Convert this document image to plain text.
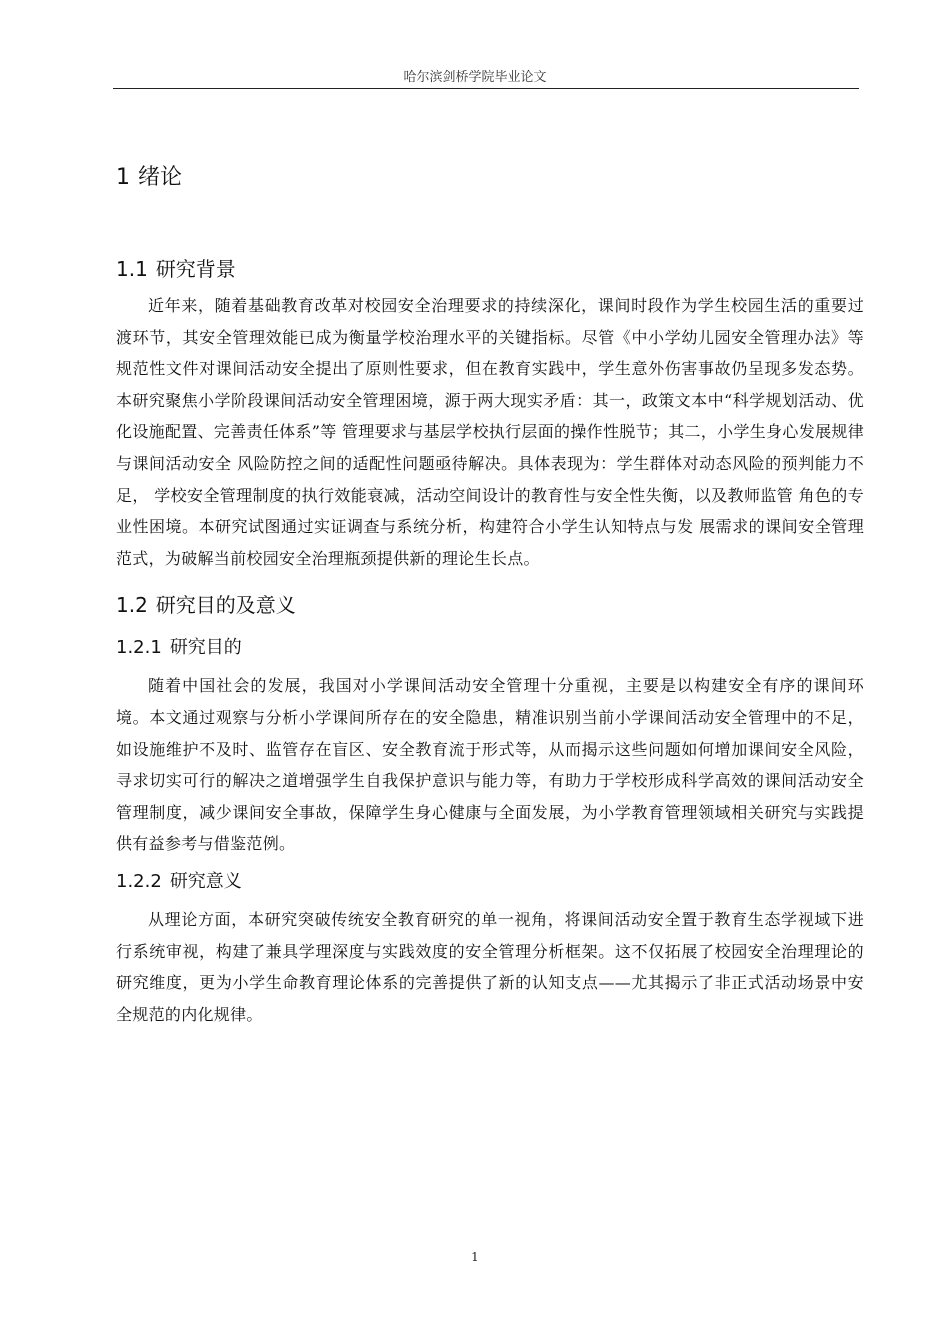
哈尔滨剑桥学院毕业论文
1 绪论
1.1 研究背景

近年来，随着基础教育改革对校园安全治理要求的持续深化，课间时段作为学生校园生活的重要过渡环节，其安全管理效能已成为衡量学校治理水平的关键指标。尽管《中小学幼儿园安全管理办法》等规范性文件对课间活动安全提出了原则性要求，但在教育实践中，学生意外伤害事故仍呈现多发态势。本研究聚焦小学阶段课间活动安全管理困境，源于两大现实矛盾：其一，政策文本中“科学规划活动、优化设施配置、完善责任体系”等 管理要求与基层学校执行层面的操作性脱节；其二，小学生身心发展规律与课间活动安全 风险防控之间的适配性问题亟待解决。具体表现为：学生群体对动态风险的预判能力不足， 学校安全管理制度的执行效能衰减，活动空间设计的教育性与安全性失衡，以及教师监管 角色的专业性困境。本研究试图通过实证调查与系统分析，构建符合小学生认知特点与发 展需求的课间安全管理范式，为破解当前校园安全治理瓶颈提供新的理论生长点。

1.2 研究目的及意义
1.2.1 研究目的

随着中国社会的发展，我国对小学课间活动安全管理十分重视，主要是以构建安全有序的课间环境。本文通过观察与分析小学课间所存在的安全隐患，精准识别当前小学课间活动安全管理中的不足，如设施维护不及时、监管存在盲区、安全教育流于形式等，从而揭示这些问题如何增加课间安全风险，寻求切实可行的解决之道增强学生自我保护意识与能力等，有助力于学校形成科学高效的课间活动安全管理制度，减少课间安全事故，保障学生身心健康与全面发展，为小学教育管理领域相关研究与实践提供有益参考与借鉴范例。

1.2.2 研究意义

从理论方面，本研究突破传统安全教育研究的单一视角，将课间活动安全置于教育生态学视域下进行系统审视，构建了兼具学理深度与实践效度的安全管理分析框架。这不仅拓展了校园安全治理理论的研究维度，更为小学生命教育理论体系的完善提供了新的认知支点——尤其揭示了非正式活动场景中安全规范的内化规律。

1
